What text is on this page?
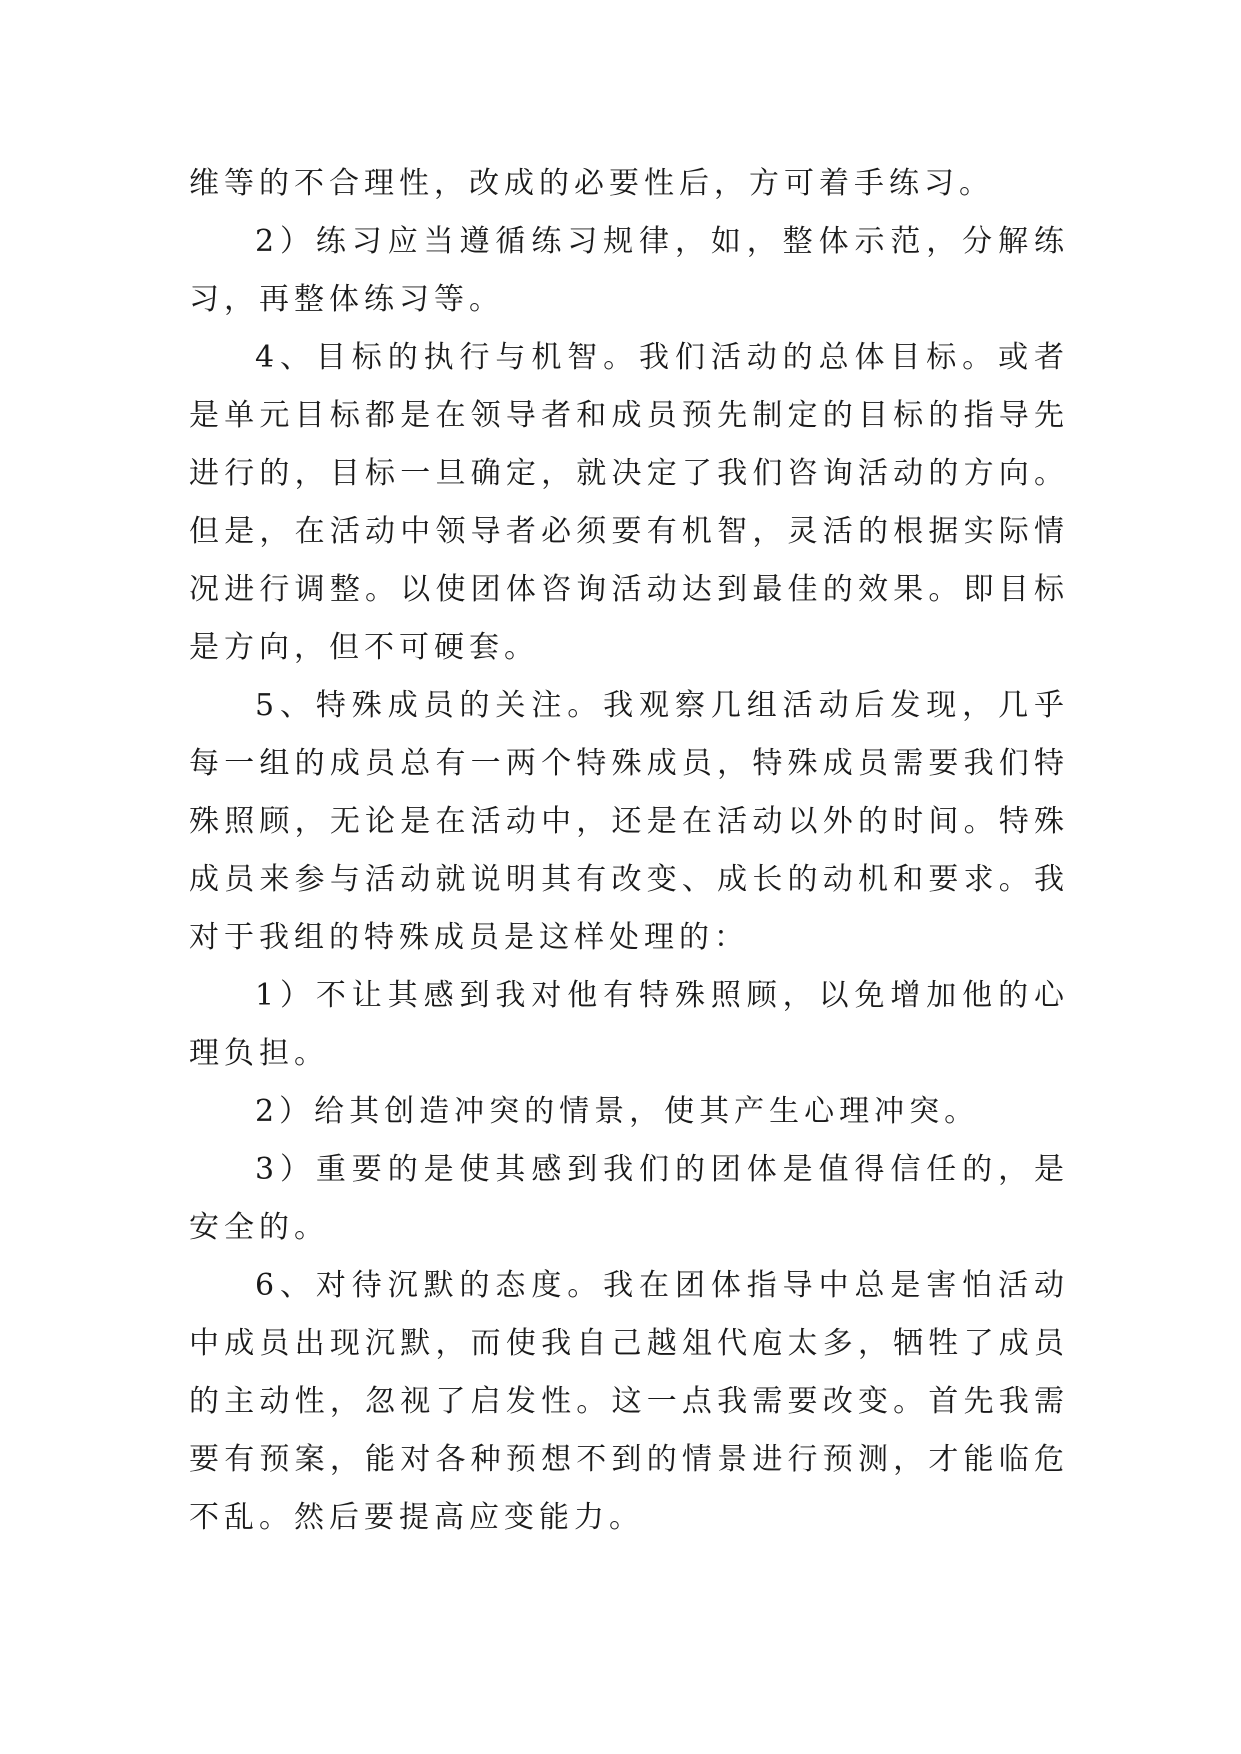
维等的不合理性，改成的必要性后，方可着手练习。

2）练习应当遵循练习规律，如，整体示范，分解练习，再整体练习等。

4、目标的执行与机智。我们活动的总体目标。或者是单元目标都是在领导者和成员预先制定的目标的指导先进行的，目标一旦确定，就决定了我们咨询活动的方向。但是，在活动中领导者必须要有机智，灵活的根据实际情况进行调整。以使团体咨询活动达到最佳的效果。即目标是方向，但不可硬套。

5、特殊成员的关注。我观察几组活动后发现，几乎每一组的成员总有一两个特殊成员，特殊成员需要我们特殊照顾，无论是在活动中，还是在活动以外的时间。特殊成员来参与活动就说明其有改变、成长的动机和要求。我对于我组的特殊成员是这样处理的：

1）不让其感到我对他有特殊照顾，以免增加他的心理负担。

2）给其创造冲突的情景，使其产生心理冲突。

3）重要的是使其感到我们的团体是值得信任的，是安全的。

6、对待沉默的态度。我在团体指导中总是害怕活动中成员出现沉默，而使我自己越俎代庖太多，牺牲了成员的主动性，忽视了启发性。这一点我需要改变。首先我需要有预案，能对各种预想不到的情景进行预测，才能临危不乱。然后要提高应变能力。
